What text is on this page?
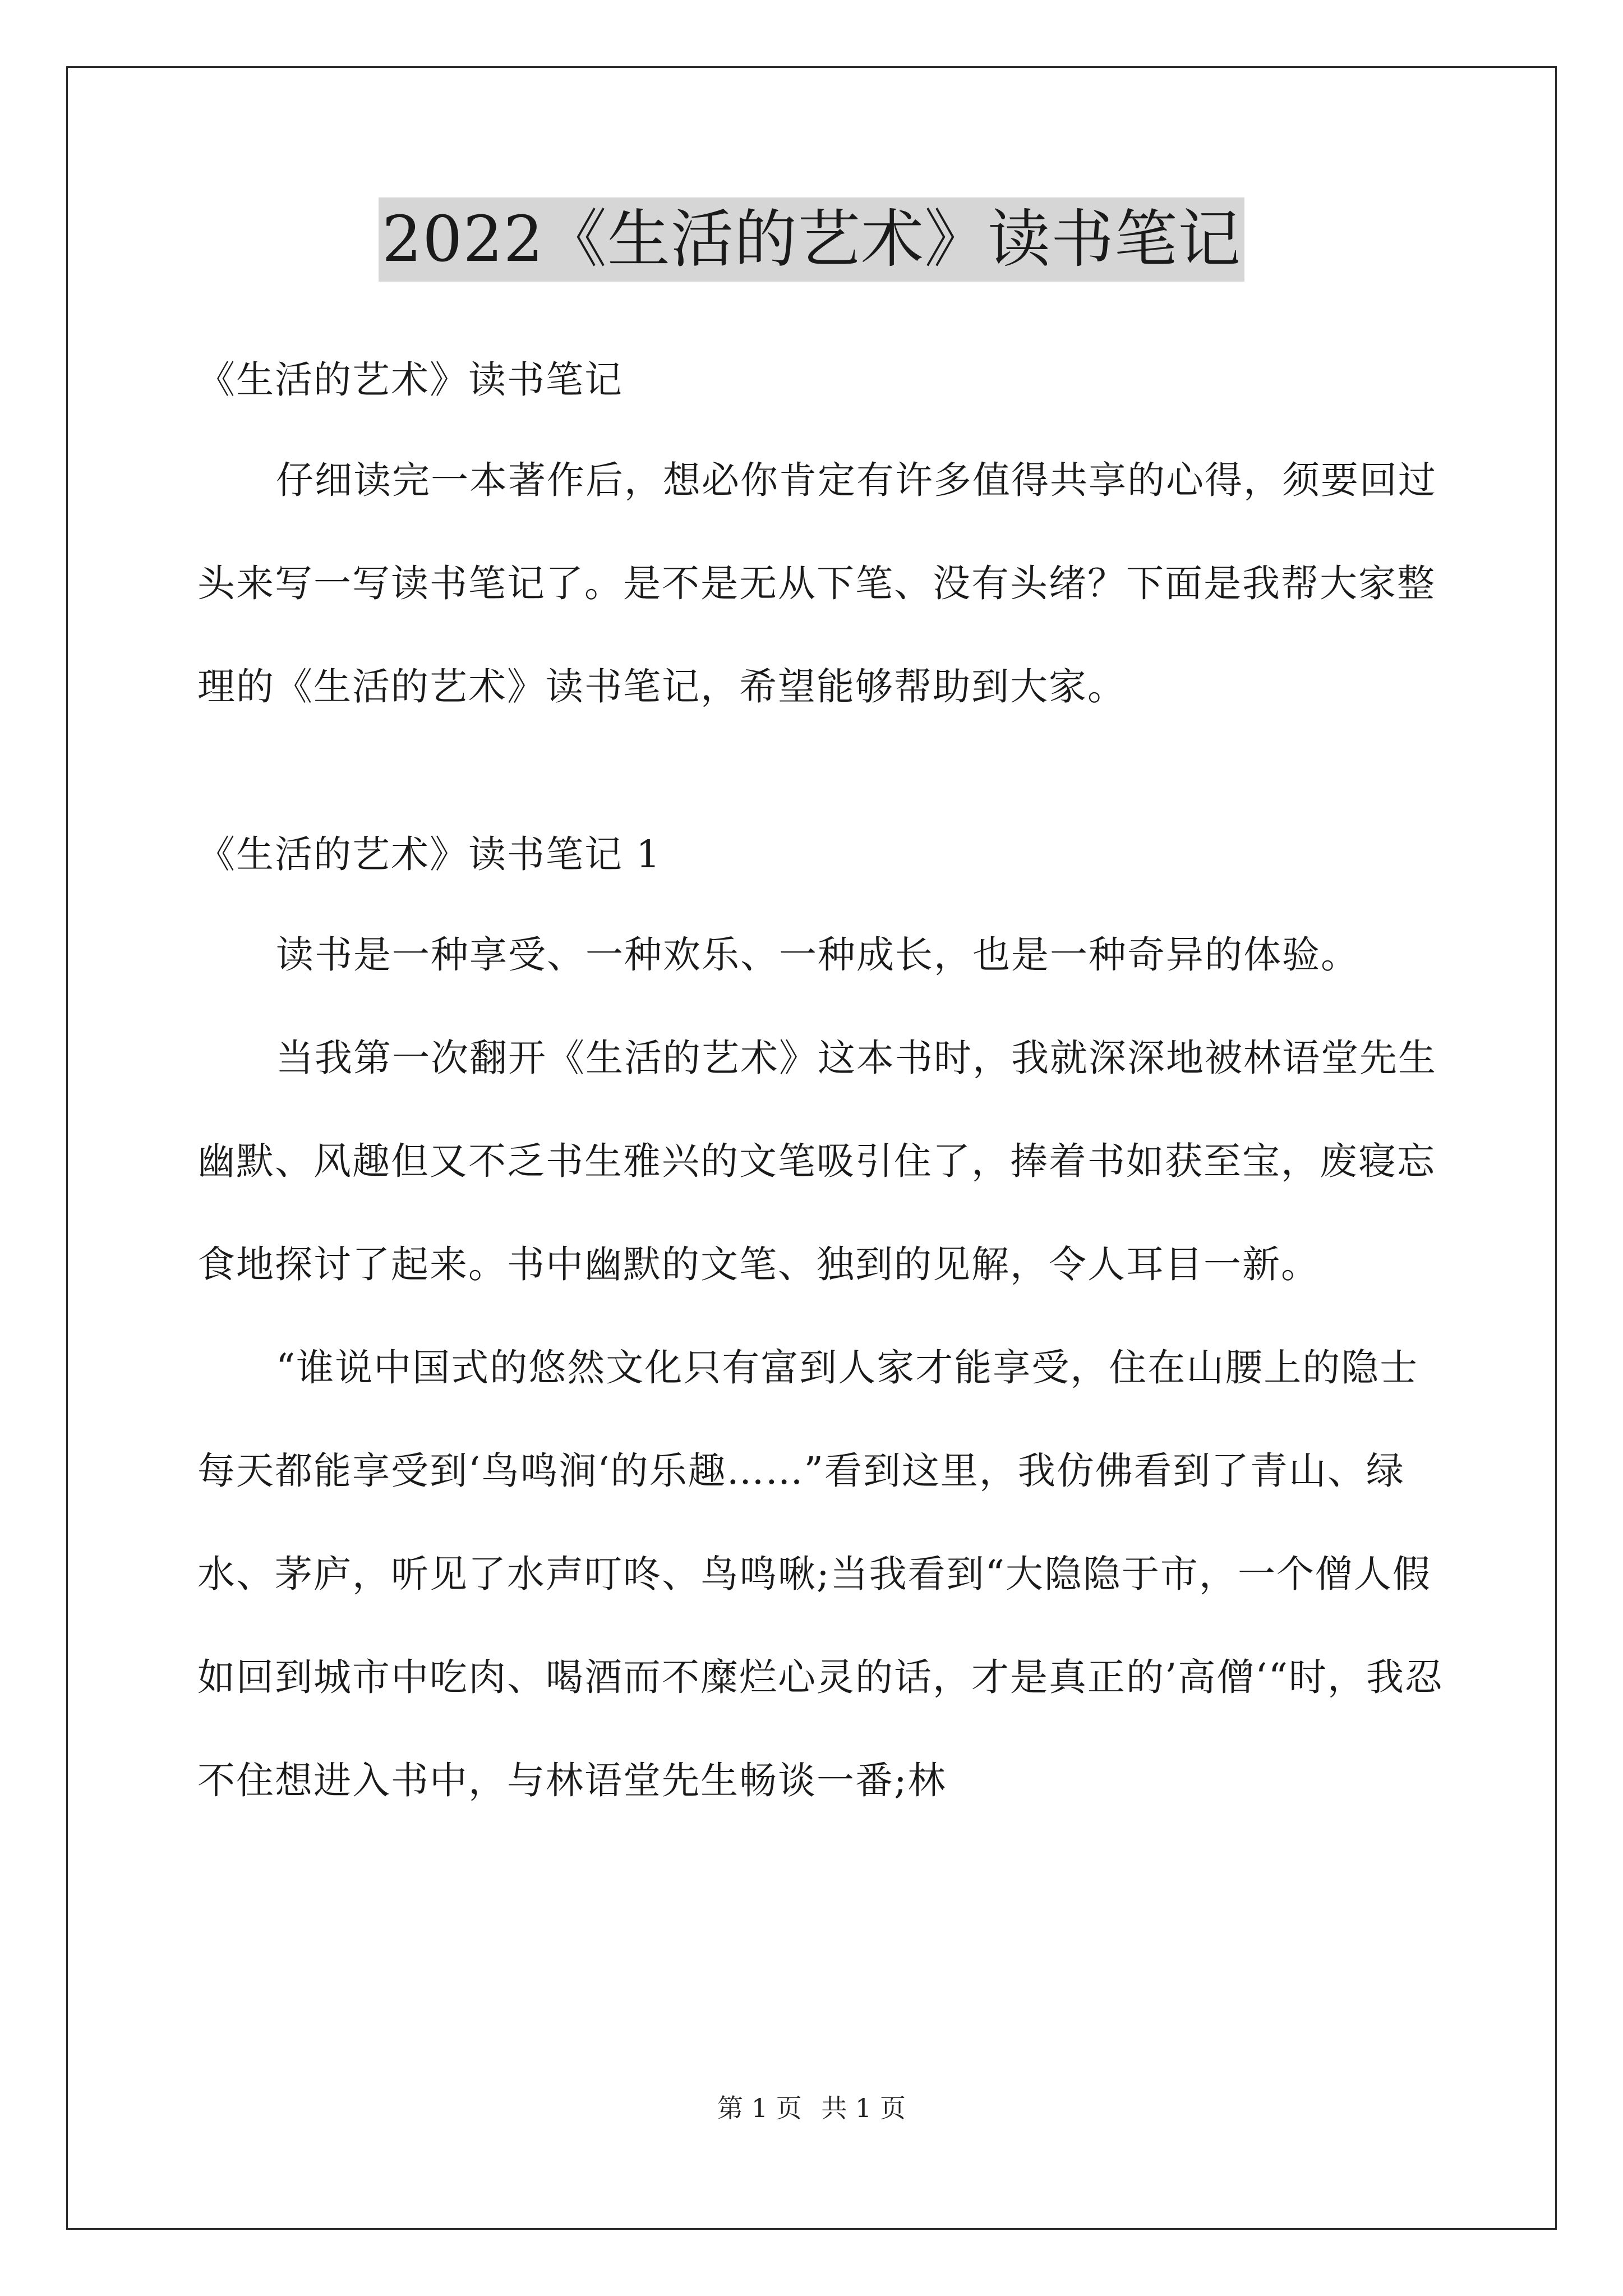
2022《生活的艺术》读书笔记

《生活的艺术》读书笔记

仔细读完一本著作后，想必你肯定有许多值得共享的心得，须要回过头来写一写读书笔记了。是不是无从下笔、没有头绪？下面是我帮大家整理的《生活的艺术》读书笔记，希望能够帮助到大家。

《生活的艺术》读书笔记 1

读书是一种享受、一种欢乐、一种成长，也是一种奇异的体验。

当我第一次翻开《生活的艺术》这本书时，我就深深地被林语堂先生幽默、风趣但又不乏书生雅兴的文笔吸引住了，捧着书如获至宝，废寝忘食地探讨了起来。书中幽默的文笔、独到的见解，令人耳目一新。

“谁说中国式的悠然文化只有富到人家才能享受，住在山腰上的隐士每天都能享受到‘鸟鸣涧‘的乐趣……”看到这里，我仿佛看到了青山、绿水、茅庐，听见了水声叮咚、鸟鸣啾;当我看到“大隐隐于市，一个僧人假如回到城市中吃肉、喝酒而不糜烂心灵的话，才是真正的’高僧‘“时，我忍不住想进入书中，与林语堂先生畅谈一番;林

第 1 页 共 1 页
